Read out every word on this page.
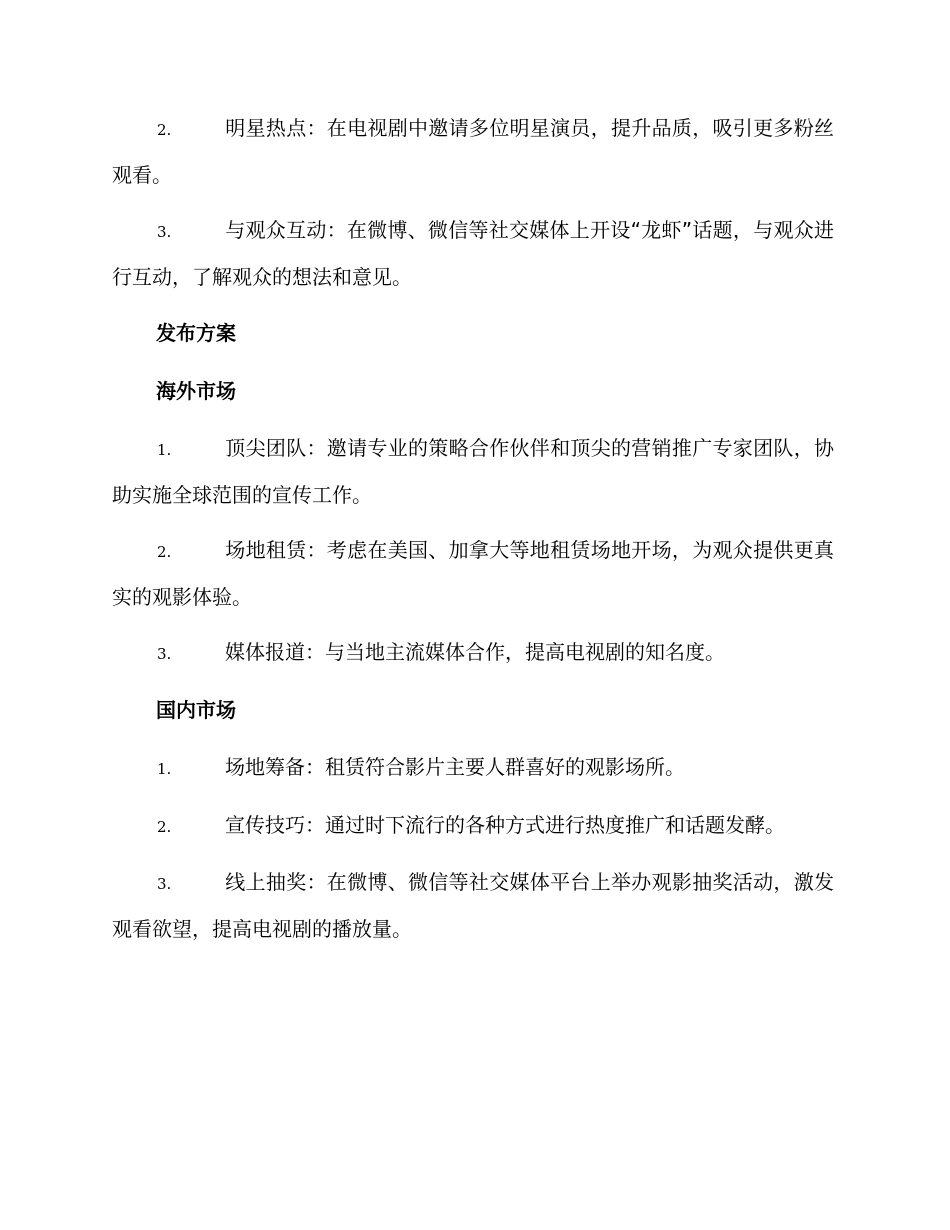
2.	明星热点：在电视剧中邀请多位明星演员，提升品质，吸引更多粉丝观看。
3.	与观众互动：在微博、微信等社交媒体上开设“龙虾”话题，与观众进行互动，了解观众的想法和意见。
发布方案
海外市场
1.	顶尖团队：邀请专业的策略合作伙伴和顶尖的营销推广专家团队，协助实施全球范围的宣传工作。
2.	场地租赁：考虑在美国、加拿大等地租赁场地开场，为观众提供更真实的观影体验。
3.	媒体报道：与当地主流媒体合作，提高电视剧的知名度。
国内市场
1.	场地筹备：租赁符合影片主要人群喜好的观影场所。
2.	宣传技巧：通过时下流行的各种方式进行热度推广和话题发酵。
3.	线上抽奖：在微博、微信等社交媒体平台上举办观影抽奖活动，激发观看欲望，提高电视剧的播放量。
